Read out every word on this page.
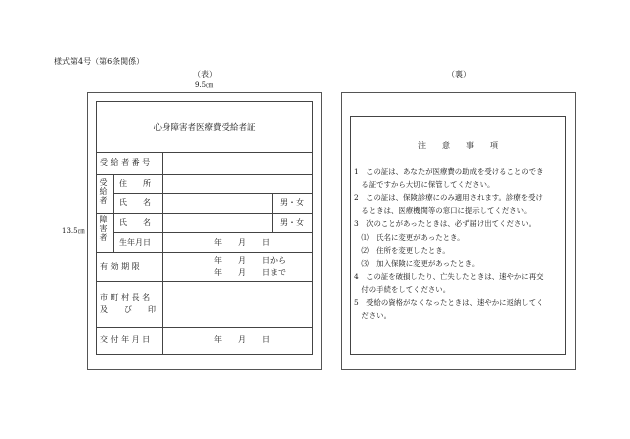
様式第4号（第6条関係）
（表）
9.5㎝
13.5㎝
（裏）
心身障害者医療費受給者証
受 給 者 番 号
受給者
住　　所
氏　　名	男・女
障害者
氏　　名	男・女
生年月日	年　　月　　日
有 効 期 限
年　　月　　日から
年　　月　　日まで
市 町 村 長 名
及　　び　　印
交 付 年 月 日	年　　月　　日
注　　意　　事　　項
1　この証は、あなたが医療費の助成を受けることのでき
　る証ですから大切に保管してください。
2　この証は、保険診療にのみ適用されます。診療を受け
　るときは、医療機関等の窓口に提示してください。
3　次のことがあったときは、必ず届け出てください。
　⑴　氏名に変更があったとき。
　⑵　住所を変更したとき。
　⑶　加入保険に変更があったとき。
4　この証を破損したり、亡失したときは、速やかに再交
　付の手続をしてください。
5　受給の資格がなくなったときは、速やかに返納してく
　ださい。
